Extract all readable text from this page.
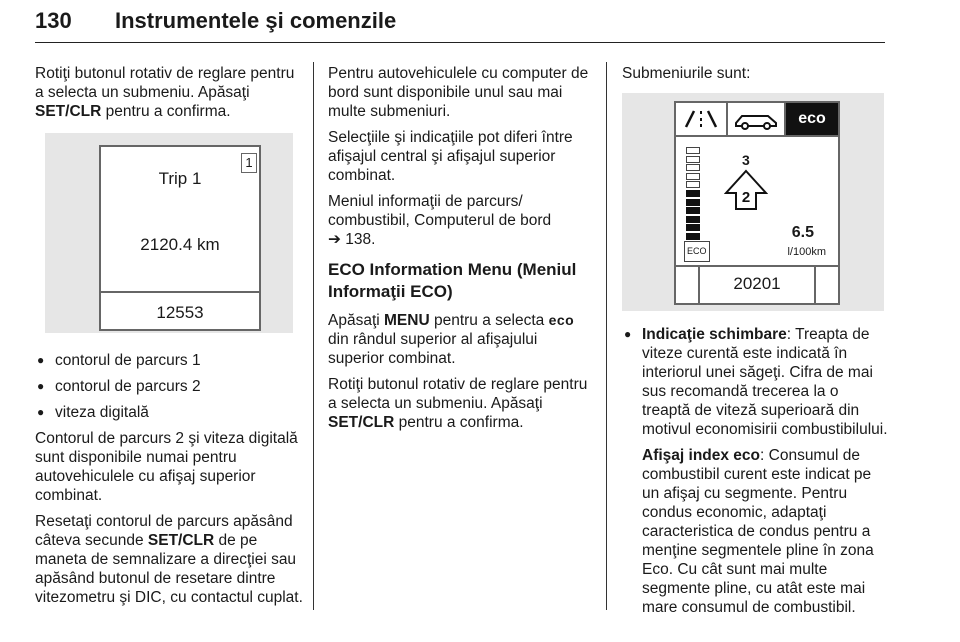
130 Instrumentele şi comenzile

Rotiţi butonul rotativ de reglare pentru a selecta un submeniu. Apăsaţi SET/CLR pentru a confirma.

1
Trip 1
2120.4 km
12553
● contorul de parcurs 1
● contorul de parcurs 2
● viteza digitală

Contorul de parcurs 2 şi viteza digitală sunt disponibile numai pentru autovehiculele cu afişaj superior combinat.

Resetaţi contorul de parcurs apăsând câteva secunde SET/CLR de pe maneta de semnalizare a direcţiei sau apăsând butonul de resetare dintre vitezometru şi DIC, cu contactul cuplat.

Pentru autovehiculele cu computer de bord sunt disponibile unul sau mai multe submeniuri.

Selecţiile şi indicaţiile pot diferi între afişajul central şi afişajul superior combinat.

Meniul informaţii de parcurs/ combustibil, Computerul de bord
➔ 138.

ECO Information Menu (Meniul Informaţii ECO)

Apăsaţi MENU pentru a selecta eco din rândul superior al afişajului superior combinat.

Rotiţi butonul rotativ de reglare pentru a selecta un submeniu. Apăsaţi SET/CLR pentru a confirma.

Submeniurile sunt:

eco
ECO
3
2
6.5
l/100km
20201
● Indicaţie schimbare: Treapta de viteze curentă este indicată în interiorul unei săgeţi. Cifra de mai sus recomandă trecerea la o treaptă de viteză superioară din motivul economisirii combustibilului.

Afişaj index eco: Consumul de combustibil curent este indicat pe un afişaj cu segmente. Pentru condus economic, adaptaţi caracteristica de condus pentru a menţine segmentele pline în zona Eco. Cu cât sunt mai multe segmente pline, cu atât este mai mare consumul de combustibil.
